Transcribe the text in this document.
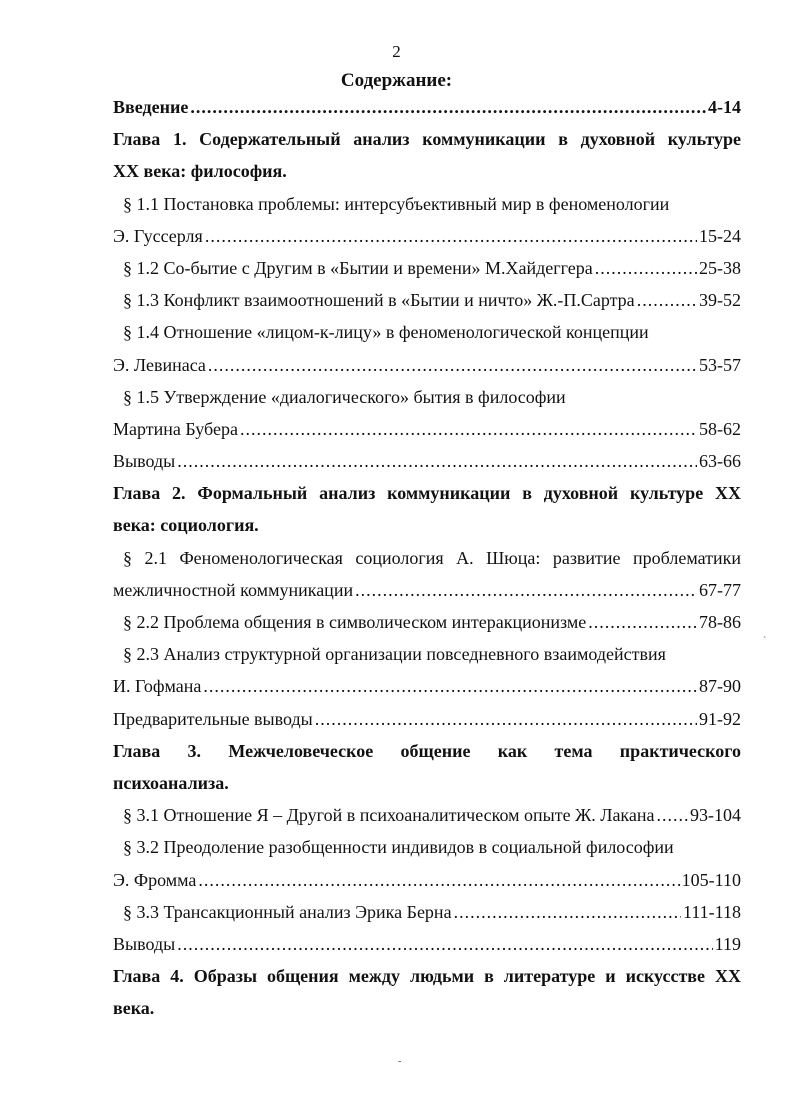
2
Содержание:
Введение .....	4-14
Глава 1. Содержательный анализ коммуникации в духовной культуре
XX века: философия.
§ 1.1 Постановка проблемы: интерсубъективный мир в феноменологии
Э. Гуссерля .....	15-24
§ 1.2 Со-бытие с Другим в «Бытии и времени» М.Хайдеггера .....	25-38
§ 1.3 Конфликт взаимоотношений в «Бытии и ничто» Ж.-П.Сартра .....	39-52
§ 1.4 Отношение «лицом-к-лицу» в феноменологической концепции
Э. Левинаса .....	53-57
§ 1.5 Утверждение «диалогического» бытия в философии
Мартина Бубера .....	58-62
Выводы .....	63-66
Глава 2. Формальный анализ коммуникации в духовной культуре XX
века: социология.
§ 2.1 Феноменологическая социология А. Шюца: развитие проблематики
межличностной коммуникации .....	67-77
§ 2.2 Проблема общения в символическом интеракционизме .....	78-86
§ 2.3 Анализ структурной организации повседневного взаимодействия
И. Гофмана .....	87-90
Предварительные выводы .....	91-92
Глава 3. Межчеловеческое общение как тема практического
психоанализа.
§ 3.1 Отношение Я – Другой в психоаналитическом опыте Ж. Лакана ..... 93-104
§ 3.2 Преодоление разобщенности индивидов в социальной философии
Э. Фромма .....	105-110
§ 3.3 Трансакционный анализ Эрика Берна .....	111-118
Выводы .....	119
Глава 4. Образы общения между людьми в литературе и искусстве XX
века.
`
-
